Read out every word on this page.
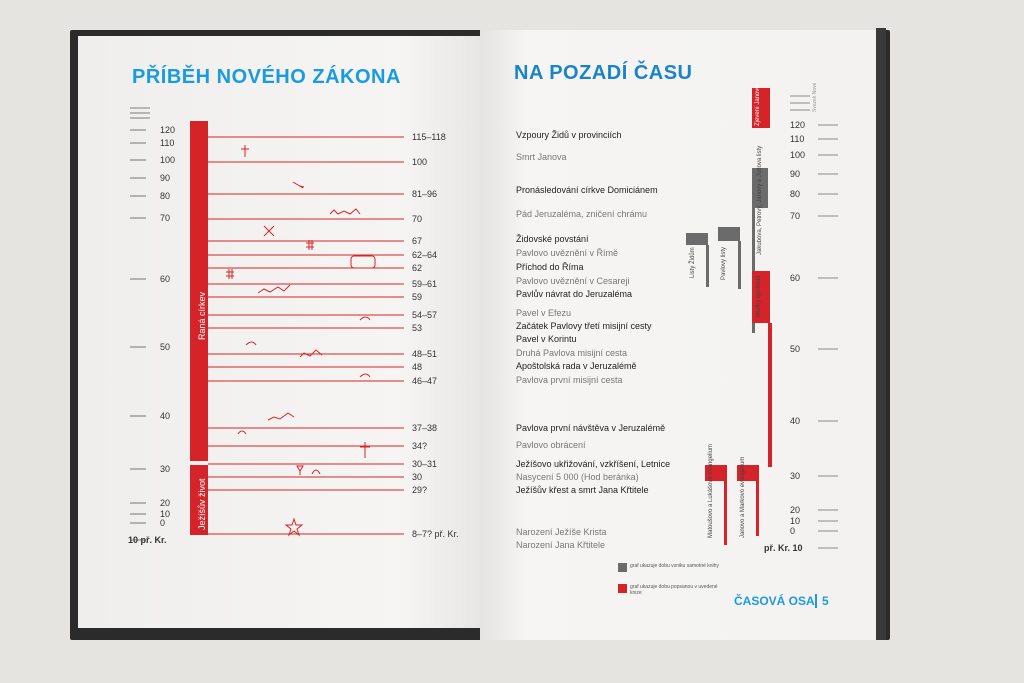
PŘÍBĚH NOVÉHO ZÁKONA	NA POZADÍ ČASU
120
110
100
90
80
70
60
50
40
30
20
10
0
10 př. Kr.
115–118
100
81–96
70
67
62–64
62
59–61
59
54–57
53
48–51
48
46–47
37–38
34?
30–31
30
29?
8–7? př. Kr.
Vzpoury Židů v provinciích
Smrt Janova
Pronásledování církve Domiciánem
Pád Jeruzaléma, zničení chrámu
Židovské povstání
Pavlovo uvěznění v Římě
Příchod do Říma
Pavlovo uvěznění v Cesareji
Pavlův návrat do Jeruzaléma
Pavel v Efezu
Začátek Pavlovy třetí misijní cesty
Pavel v Korintu
Druhá Pavlova misijní cesta
Apoštolská rada v Jeruzalémě
Pavlova první misijní cesta
Pavlova první návštěva v Jeruzalémě
Pavlovo obrácení
Ježíšovo ukřižování, vzkříšení, Letnice
Nasycení 5 000 (Hod beránka)
Ježíšův křest a smrt Jana Křtitele
Narození Ježíše Krista
Narození Jana Křtitele
120
110
100
90
80
70
60
50
40
30
20
10
0
př. Kr. 10
Raná církev
Ježíšův život
Zjevení Janovo
Jakubova, Petrovy, Janovy a Judova listy
Listy Židům	Pavlovy listy
Skutky apoštolů
Matoušovo a Lukášovo evangelium	Janovo a Markovo evangelium
Svazek Nové
graf ukazuje dobu vzniku samotné knihy
graf ukazuje dobu popsanou v uvedené knize
ČASOVÁ OSA 5
